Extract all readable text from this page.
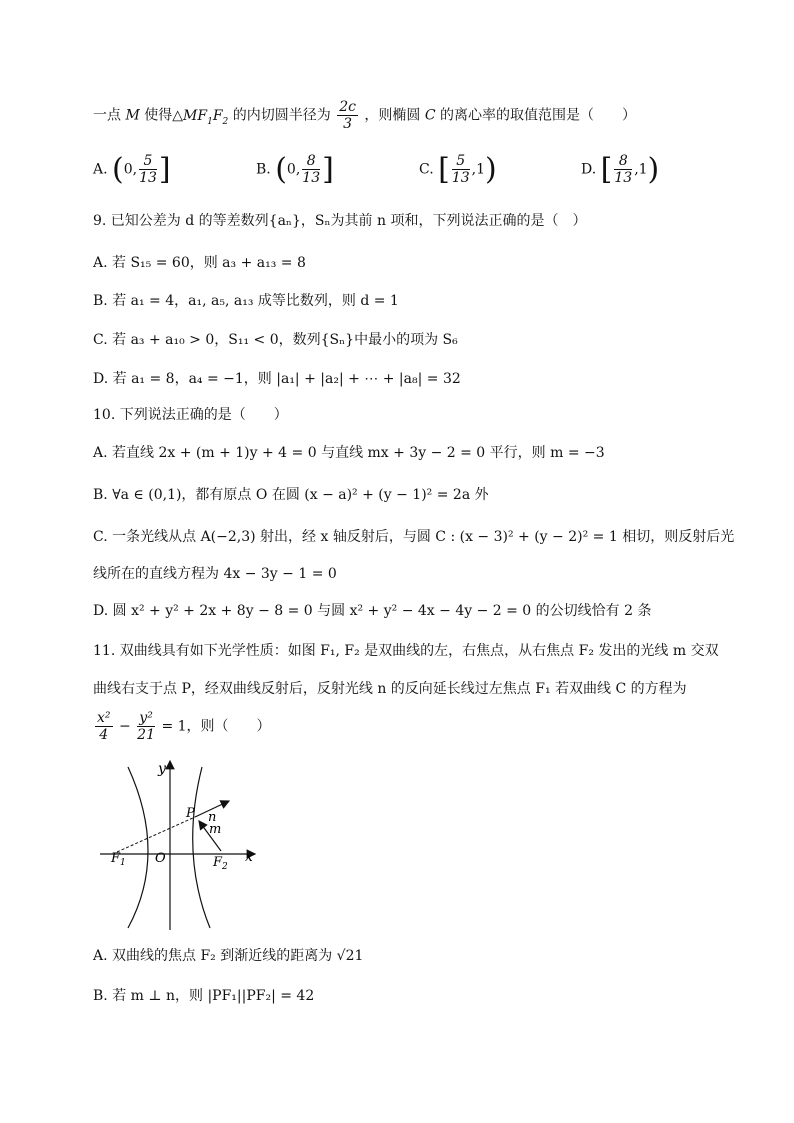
一点 M 使得$\triangle MF_1F_2$ 的内切圆半径为 $\frac{2c}{3}$ ，则椭圆 C 的离心率的取值范围是（　　）
A. (0, $\frac{5}{13}$ ]	B. (0, $\frac{8}{13}$ ]	C. [ $\frac{5}{13} ,1$)	D. [ $\frac{8}{13} ,1$)
9. 已知公差为 d 的等差数列{aₙ}，Sₙ为其前 n 项和，下列说法正确的是（　）
A. 若 S₁₅ = 60，则 a₃ + a₁₃ = 8
B. 若 a₁ = 4，a₁, a₅, a₁₃ 成等比数列，则 d = 1
C. 若 a₃ + a₁₀ > 0，S₁₁ < 0，数列{Sₙ}中最小的项为 S₆
D. 若 a₁ = 8，a₄ = −1，则 |a₁| + |a₂| + ⋯ + |a₈| = 32
10. 下列说法正确的是（　　）
A. 若直线 2x + (m + 1)y + 4 = 0 与直线 mx + 3y − 2 = 0 平行，则 m = −3
B. ∀a ∈ (0,1)，都有原点 O 在圆 (x − a)² + (y − 1)² = 2a 外
C. 一条光线从点 A(−2,3) 射出，经 x 轴反射后，与圆 C : (x − 3)² + (y − 2)² = 1 相切，则反射后光
线所在的直线方程为 4x − 3y − 1 = 0
D. 圆 x² + y² + 2x + 8y − 8 = 0 与圆 x² + y² − 4x − 4y − 2 = 0 的公切线恰有 2 条
11. 双曲线具有如下光学性质：如图 F₁, F₂ 是双曲线的左，右焦点，从右焦点 F₂ 发出的光线 m 交双
曲线右支于点 P，经双曲线反射后，反射光线 n 的反向延长线过左焦点 F₁ 若双曲线 C 的方程为
$\frac{\text{x²}}{4} - \frac{\text{y²}}{21} = 1$，则（　　）
y
x
O
$F_1$	$F_2$
P n
m
A. 双曲线的焦点 F₂ 到渐近线的距离为 √21
B. 若 m ⊥ n，则 |PF₁||PF₂| = 42
